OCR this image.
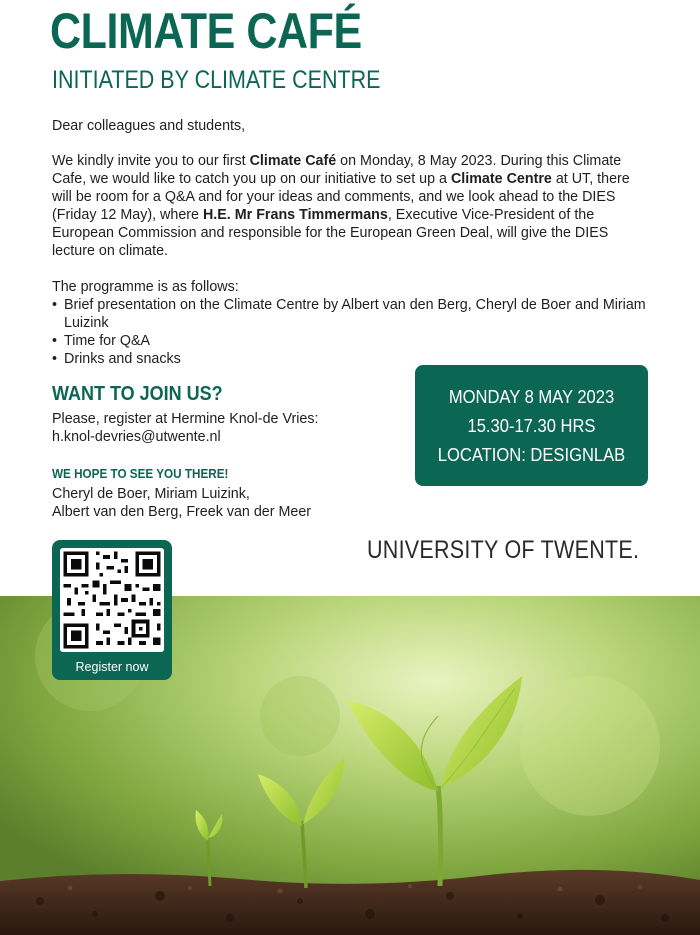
CLIMATE CAFÉ
INITIATED BY CLIMATE CENTRE
Dear colleagues and students,
We kindly invite you to our first Climate Café on Monday, 8 May 2023. During this Climate Cafe, we would like to catch you up on our initiative to set up a Climate Centre at UT, there will be room for a Q&A and for your ideas and comments, and we look ahead to the DIES (Friday 12 May), where H.E. Mr Frans Timmermans, Executive Vice-President of the European Commission and responsible for the European Green Deal, will give the DIES lecture on climate.
The programme is as follows:
• Brief presentation on the Climate Centre by Albert van den Berg, Cheryl de Boer and Miriam Luizink
• Time for Q&A
• Drinks and snacks
WANT TO JOIN US?
Please, register at Hermine Knol-de Vries:
h.knol-devries@utwente.nl
WE HOPE TO SEE YOU THERE!
Cheryl de Boer, Miriam Luizink,
Albert van den Berg, Freek van der Meer
MONDAY 8 MAY 2023
15.30-17.30 HRS
LOCATION: DESIGNLAB
UNIVERSITY OF TWENTE.
Register now
